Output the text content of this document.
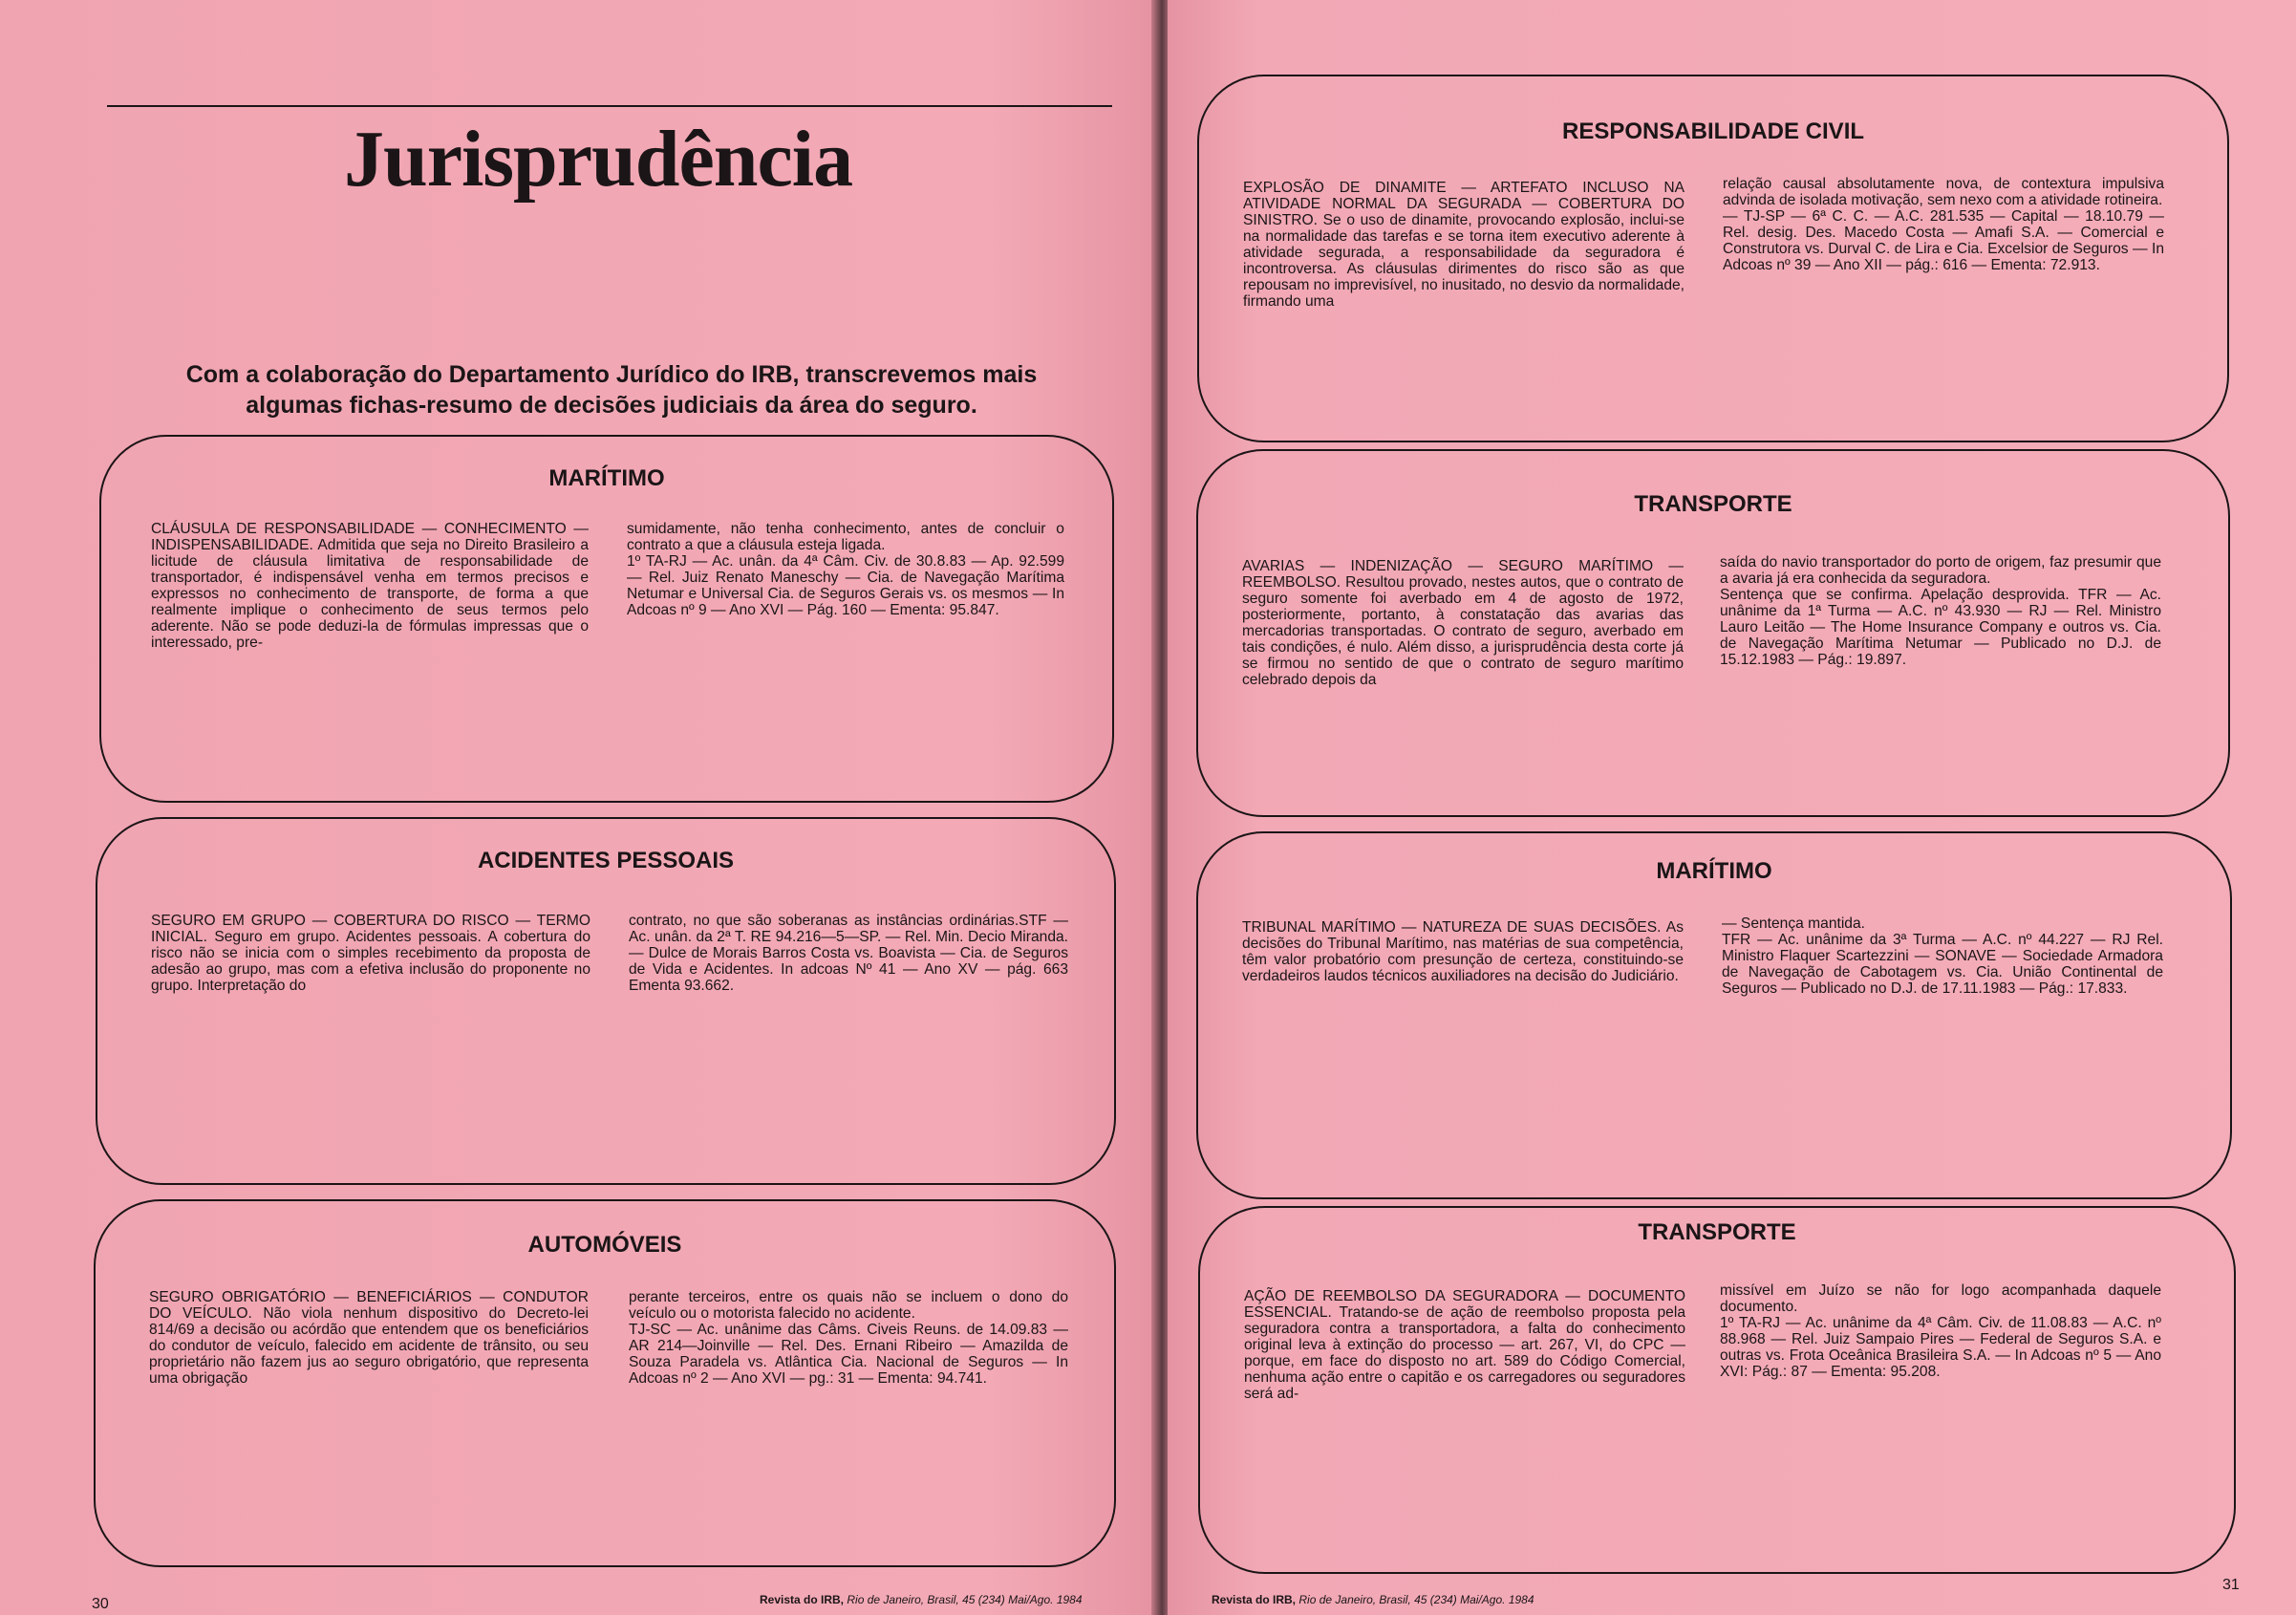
Jurisprudência

Com a colaboração do Departamento Jurídico do IRB, transcrevemos mais algumas fichas-resumo de decisões judiciais da área do seguro.

MARÍTIMO

CLÁUSULA DE RESPONSABILIDADE — CONHECIMENTO — INDISPENSABILIDADE. Admitida que seja no Direito Brasileiro a licitude de cláusula limitativa de responsabilidade de transportador, é indispensável venha em termos precisos e expressos no conhecimento de transporte, de forma a que realmente implique o conhecimento de seus termos pelo aderente. Não se pode deduzi-la de fórmulas impressas que o interessado, pre-

sumidamente, não tenha conhecimento, antes de concluir o contrato a que a cláusula esteja ligada.
1º TA-RJ — Ac. unân. da 4ª Câm. Civ. de 30.8.83 — Ap. 92.599 — Rel. Juiz Renato Maneschy — Cia. de Navegação Marítima Netumar e Universal Cia. de Seguros Gerais vs. os mesmos — In Adcoas nº 9 — Ano XVI — Pág. 160 — Ementa: 95.847.

ACIDENTES PESSOAIS

SEGURO EM GRUPO — COBERTURA DO RISCO — TERMO INICIAL. Seguro em grupo. Acidentes pessoais. A cobertura do risco não se inicia com o simples recebimento da proposta de adesão ao grupo, mas com a efetiva inclusão do proponente no grupo. Interpretação do

contrato, no que são soberanas as instâncias ordinárias.STF — Ac. unân. da 2ª T. RE 94.216—5—SP. — Rel. Min. Decio Miranda. — Dulce de Morais Barros Costa vs. Boavista — Cia. de Seguros de Vida e Acidentes. In adcoas Nº 41 — Ano XV — pág. 663 Ementa 93.662.

AUTOMÓVEIS

SEGURO OBRIGATÓRIO — BENEFICIÁRIOS — CONDUTOR DO VEÍCULO. Não viola nenhum dispositivo do Decreto-lei 814/69 a decisão ou acórdão que entendem que os beneficiários do condutor de veículo, falecido em acidente de trânsito, ou seu proprietário não fazem jus ao seguro obrigatório, que representa uma obrigação

perante terceiros, entre os quais não se incluem o dono do veículo ou o motorista falecido no acidente.
TJ-SC — Ac. unânime das Câms. Civeis Reuns. de 14.09.83 — AR 214—Joinville — Rel. Des. Ernani Ribeiro — Amazilda de Souza Paradela vs. Atlântica Cia. Nacional de Seguros — In Adcoas nº 2 — Ano XVI — pg.: 31 — Ementa: 94.741.

30	Revista do IRB, Rio de Janeiro, Brasil, 45 (234) Mai/Ago. 1984
RESPONSABILIDADE CIVIL

EXPLOSÃO DE DINAMITE — ARTEFATO INCLUSO NA ATIVIDADE NORMAL DA SEGURADA — COBERTURA DO SINISTRO. Se o uso de dinamite, provocando explosão, inclui-se na normalidade das tarefas e se torna item executivo aderente à atividade segurada, a responsabilidade da seguradora é incontroversa. As cláusulas dirimentes do risco são as que repousam no imprevisível, no inusitado, no desvio da normalidade, firmando uma

relação causal absolutamente nova, de contextura impulsiva advinda de isolada motivação, sem nexo com a atividade rotineira.
— TJ-SP — 6ª C. C. — A.C. 281.535 — Capital — 18.10.79 — Rel. desig. Des. Macedo Costa — Amafi S.A. — Comercial e Construtora vs. Durval C. de Lira e Cia. Excelsior de Seguros — In Adcoas nº 39 — Ano XII — pág.: 616 — Ementa: 72.913.

TRANSPORTE

AVARIAS — INDENIZAÇÃO — SEGURO MARÍTIMO — REEMBOLSO. Resultou provado, nestes autos, que o contrato de seguro somente foi averbado em 4 de agosto de 1972, posteriormente, portanto, à constatação das avarias das mercadorias transportadas. O contrato de seguro, averbado em tais condições, é nulo. Além disso, a jurisprudência desta corte já se firmou no sentido de que o contrato de seguro marítimo celebrado depois da

saída do navio transportador do porto de origem, faz presumir que a avaria já era conhecida da seguradora.
Sentença que se confirma. Apelação desprovida. TFR — Ac. unânime da 1ª Turma — A.C. nº 43.930 — RJ — Rel. Ministro Lauro Leitão — The Home Insurance Company e outros vs. Cia. de Navegação Marítima Netumar — Publicado no D.J. de 15.12.1983 — Pág.: 19.897.

MARÍTIMO

TRIBUNAL MARÍTIMO — NATUREZA DE SUAS DECISÕES. As decisões do Tribunal Marítimo, nas matérias de sua competência, têm valor probatório com presunção de certeza, constituindo-se verdadeiros laudos técnicos auxiliadores na decisão do Judiciário.

— Sentença mantida.
TFR — Ac. unânime da 3ª Turma — A.C. nº 44.227 — RJ Rel. Ministro Flaquer Scartezzini — SONAVE — Sociedade Armadora de Navegação de Cabotagem vs. Cia. União Continental de Seguros — Publicado no D.J. de 17.11.1983 — Pág.: 17.833.

TRANSPORTE

AÇÃO DE REEMBOLSO DA SEGURADORA — DOCUMENTO ESSENCIAL. Tratando-se de ação de reembolso proposta pela seguradora contra a transportadora, a falta do conhecimento original leva à extinção do processo — art. 267, VI, do CPC — porque, em face do disposto no art. 589 do Código Comercial, nenhuma ação entre o capitão e os carregadores ou seguradores será ad-

missível em Juízo se não for logo acompanhada daquele documento.
1º TA-RJ — Ac. unânime da 4ª Câm. Civ. de 11.08.83 — A.C. nº 88.968 — Rel. Juiz Sampaio Pires — Federal de Seguros S.A. e outras vs. Frota Oceânica Brasileira S.A. — In Adcoas nº 5 — Ano XVI: Pág.: 87 — Ementa: 95.208.

Revista do IRB, Rio de Janeiro, Brasil, 45 (234) Mai/Ago. 1984
31
